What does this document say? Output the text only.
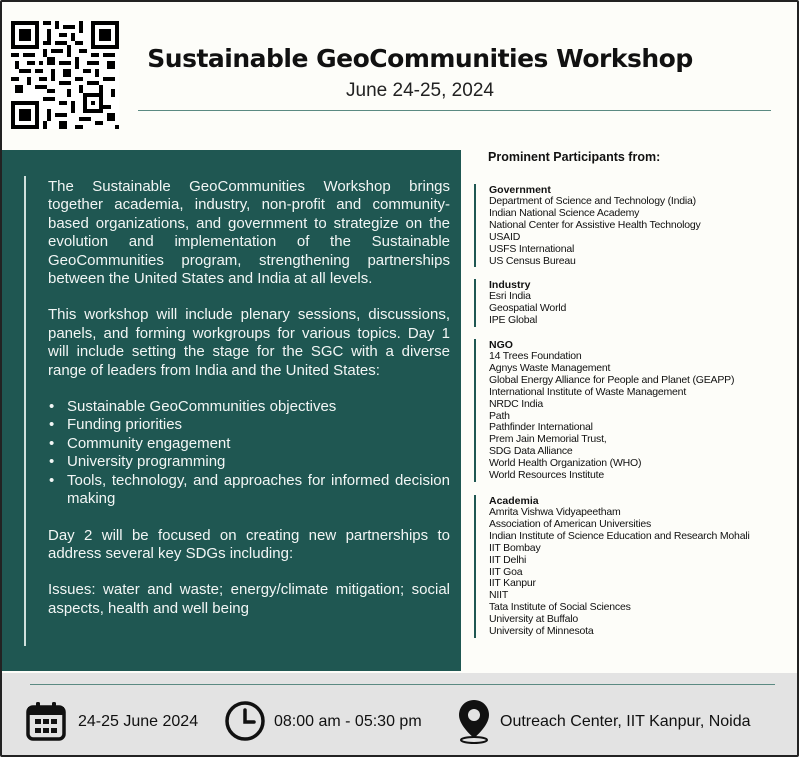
Sustainable GeoCommunities Workshop
June 24-25, 2024

The Sustainable GeoCommunities Workshop brings together academia, industry, non-profit and community-based organizations, and government to strategize on the evolution and implementation of the Sustainable GeoCommunities program, strengthening partnerships between the United States and India at all levels.

This workshop will include plenary sessions, discussions, panels, and forming workgroups for various topics. Day 1 will include setting the stage for the SGC with a diverse range of leaders from India and the United States:

• Sustainable GeoCommunities objectives
• Funding priorities
• Community engagement
• University programming
• Tools, technology, and approaches for informed decision making

Day 2 will be focused on creating new partnerships to address several key SDGs including:

Issues: water and waste; energy/climate mitigation; social aspects, health and well being

Prominent Participants from:
Government
Department of Science and Technology (India)
Indian National Science Academy
National Center for Assistive Health Technology
USAID
USFS International
US Census Bureau
Industry
Esri India
Geospatial World
IPE Global
NGO
14 Trees Foundation
Agnys Waste Management
Global Energy Alliance for People and Planet (GEAPP)
International Institute of Waste Management
NRDC India
Path
Pathfinder International
Prem Jain Memorial Trust,
SDG Data Alliance
World Health Organization (WHO)
World Resources Institute
Academia
Amrita Vishwa Vidyapeetham
Association of American Universities
Indian Institute of Science Education and Research Mohali
IIT Bombay
IIT Delhi
IIT Goa
IIT Kanpur
NIIT
Tata Institute of Social Sciences
University at Buffalo
University of Minnesota
24-25 June 2024	08:00 am - 05:30 pm	Outreach Center, IIT Kanpur, Noida
